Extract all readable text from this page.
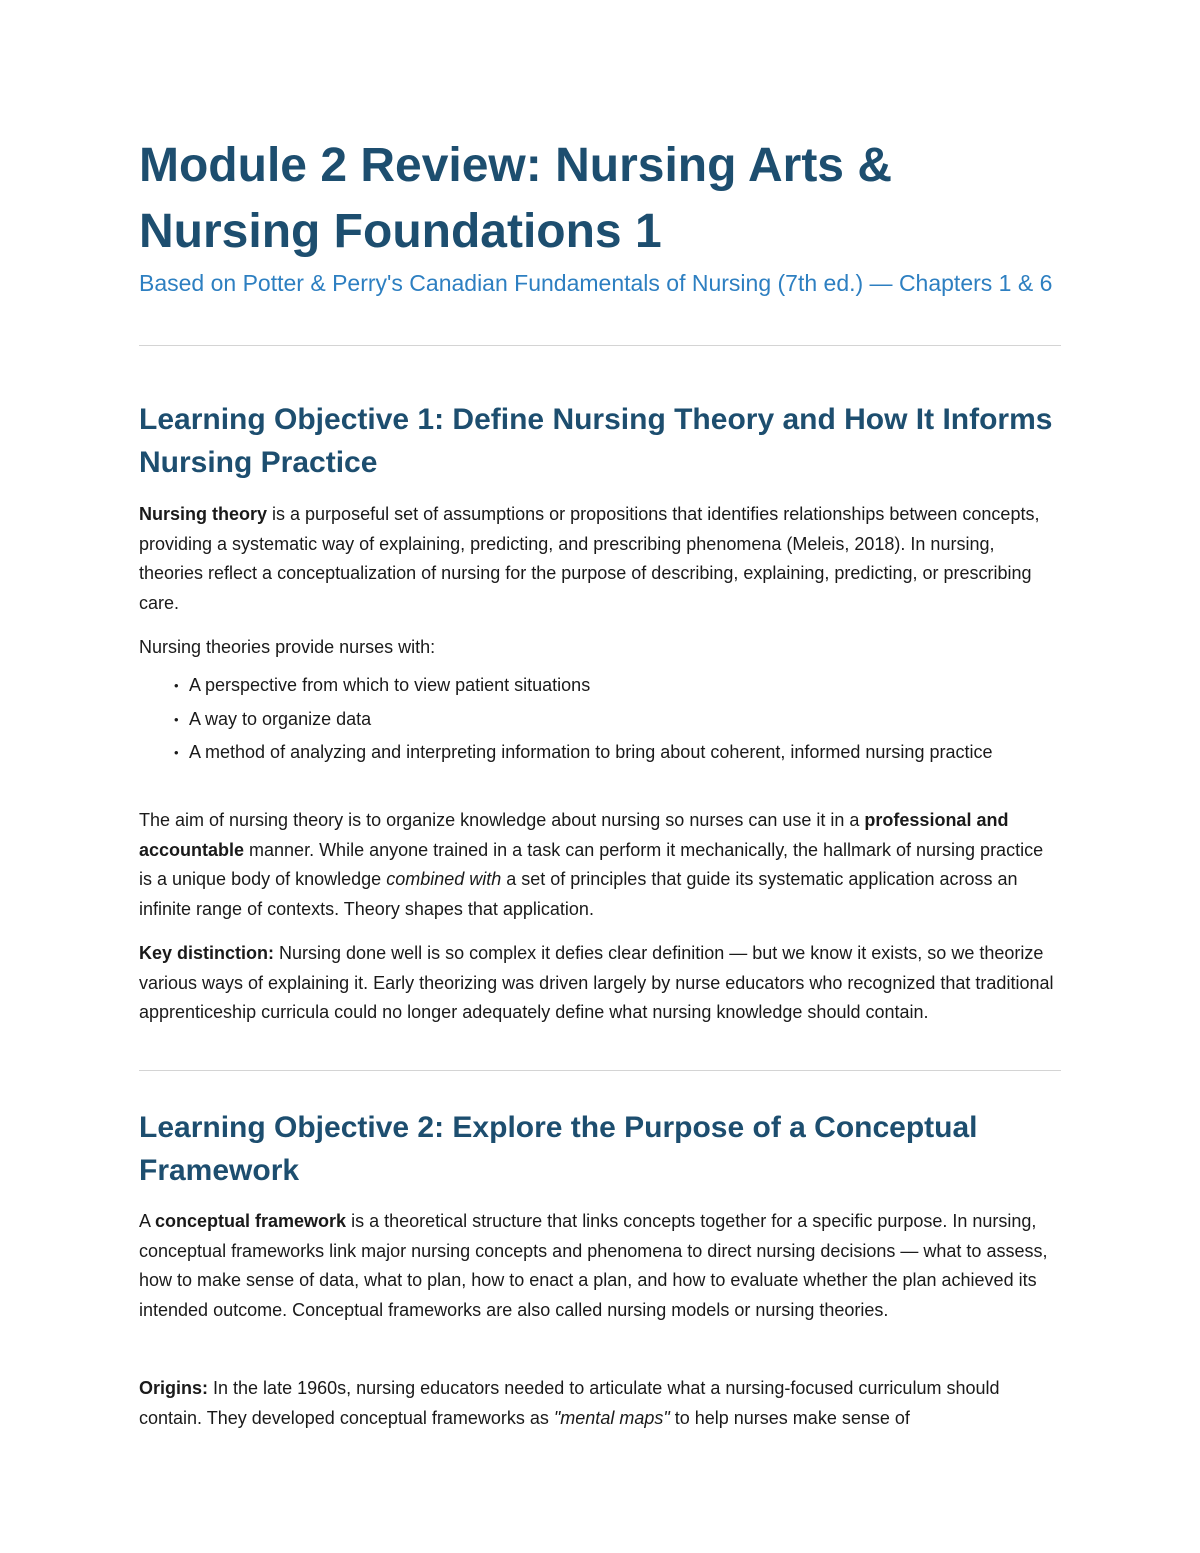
Module 2 Review: Nursing Arts & Nursing Foundations 1
Based on Potter & Perry's Canadian Fundamentals of Nursing (7th ed.) — Chapters 1 & 6
Learning Objective 1: Define Nursing Theory and How It Informs Nursing Practice

Nursing theory is a purposeful set of assumptions or propositions that identifies relationships between concepts, providing a systematic way of explaining, predicting, and prescribing phenomena (Meleis, 2018). In nursing, theories reflect a conceptualization of nursing for the purpose of describing, explaining, predicting, or prescribing care.

Nursing theories provide nurses with:

• A perspective from which to view patient situations
• A way to organize data
• A method of analyzing and interpreting information to bring about coherent, informed nursing practice

The aim of nursing theory is to organize knowledge about nursing so nurses can use it in a professional and accountable manner. While anyone trained in a task can perform it mechanically, the hallmark of nursing practice is a unique body of knowledge combined with a set of principles that guide its systematic application across an infinite range of contexts. Theory shapes that application.

Key distinction: Nursing done well is so complex it defies clear definition — but we know it exists, so we theorize various ways of explaining it. Early theorizing was driven largely by nurse educators who recognized that traditional apprenticeship curricula could no longer adequately define what nursing knowledge should contain.

Learning Objective 2: Explore the Purpose of a Conceptual Framework

A conceptual framework is a theoretical structure that links concepts together for a specific purpose. In nursing, conceptual frameworks link major nursing concepts and phenomena to direct nursing decisions — what to assess, how to make sense of data, what to plan, how to enact a plan, and how to evaluate whether the plan achieved its intended outcome. Conceptual frameworks are also called nursing models or nursing theories.

Origins: In the late 1960s, nursing educators needed to articulate what a nursing-focused curriculum should contain. They developed conceptual frameworks as "mental maps" to help nurses make sense of
